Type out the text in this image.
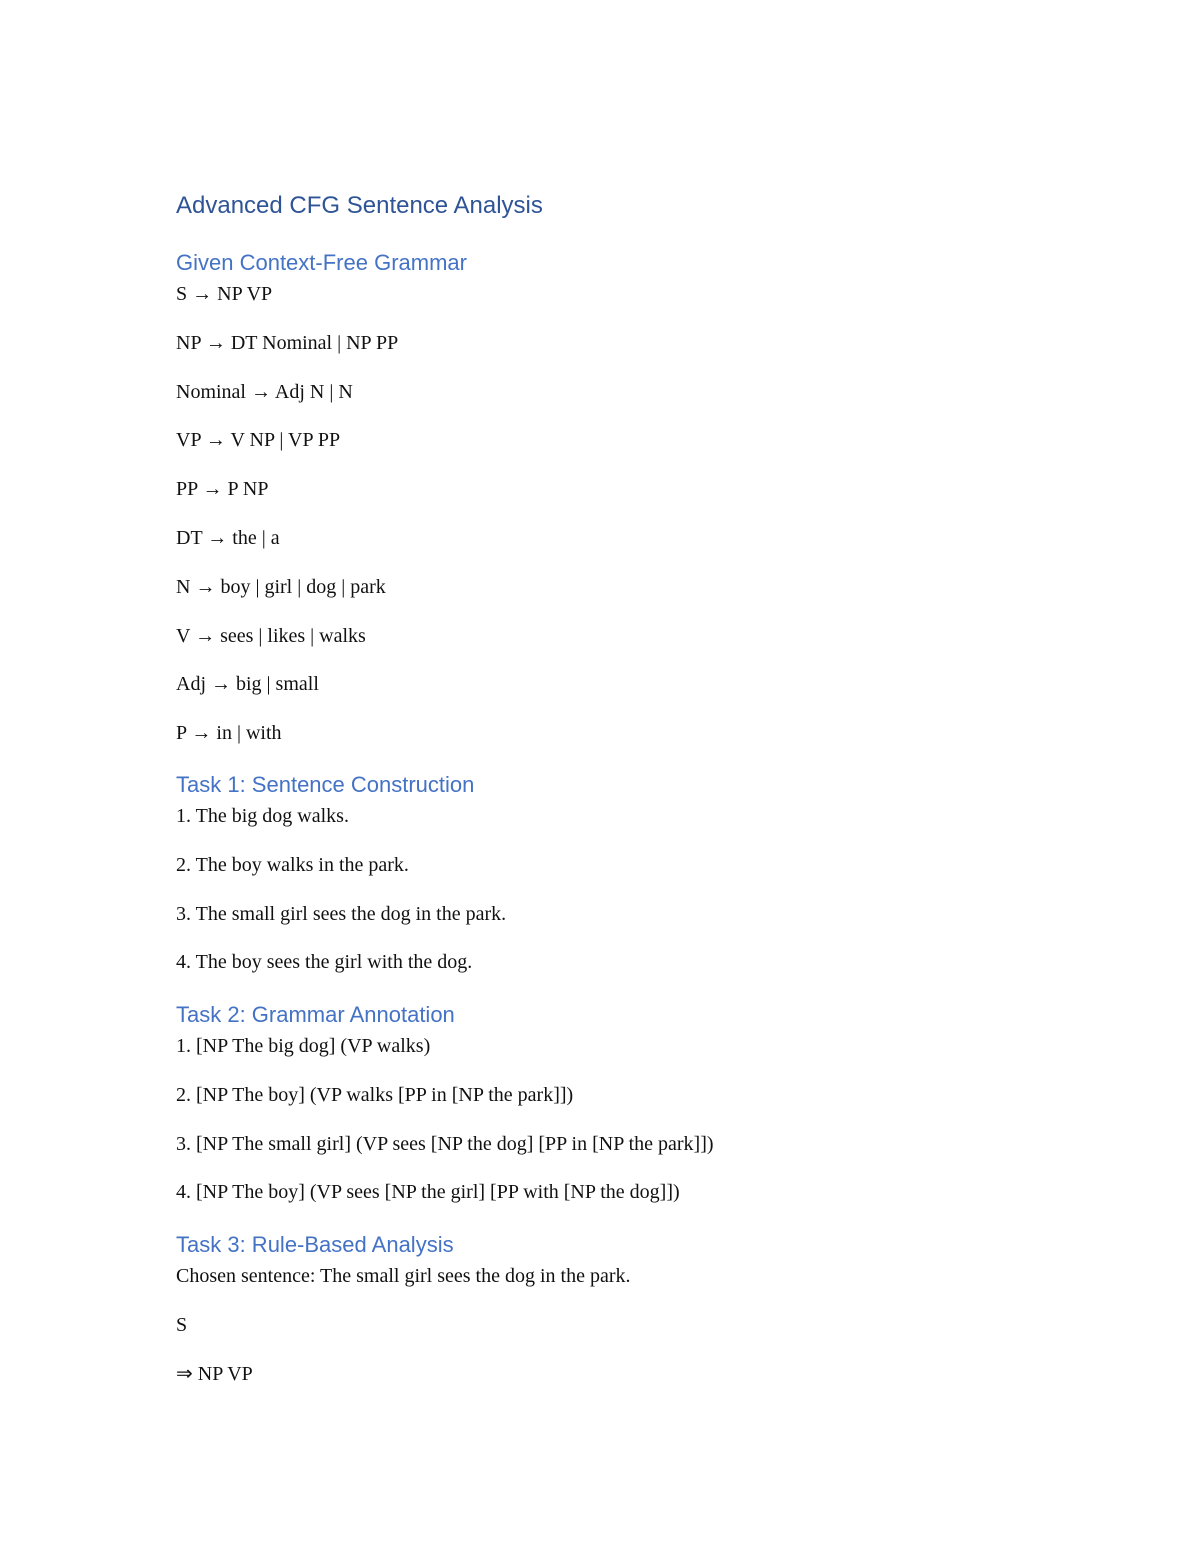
Advanced CFG Sentence Analysis
Given Context-Free Grammar

S → NP VP

NP → DT Nominal | NP PP

Nominal → Adj N | N

VP → V NP | VP PP

PP → P NP

DT → the | a

N → boy | girl | dog | park

V → sees | likes | walks

Adj → big | small

P → in | with

Task 1: Sentence Construction

1. The big dog walks.

2. The boy walks in the park.

3. The small girl sees the dog in the park.

4. The boy sees the girl with the dog.

Task 2: Grammar Annotation

1. [NP The big dog] (VP walks)

2. [NP The boy] (VP walks [PP in [NP the park]])

3. [NP The small girl] (VP sees [NP the dog] [PP in [NP the park]])

4. [NP The boy] (VP sees [NP the girl] [PP with [NP the dog]])

Task 3: Rule-Based Analysis

Chosen sentence: The small girl sees the dog in the park.

S

⇒ NP VP
